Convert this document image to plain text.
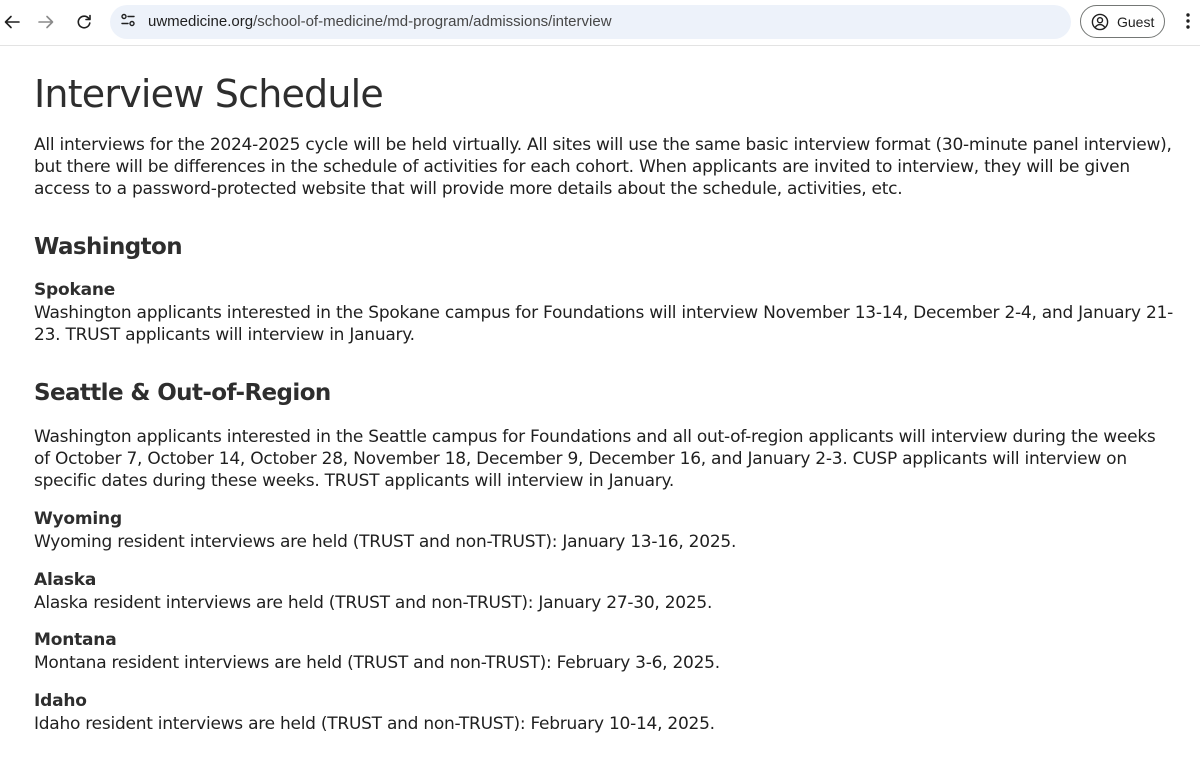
uwmedicine.org/school-of-medicine/md-program/admissions/interview	Guest
Interview Schedule

All interviews for the 2024-2025 cycle will be held virtually. All sites will use the same basic interview format (30-minute panel interview), but there will be differences in the schedule of activities for each cohort. When applicants are invited to interview, they will be given access to a password-protected website that will provide more details about the schedule, activities, etc.

Washington
Spokane

Washington applicants interested in the Spokane campus for Foundations will interview November 13-14, December 2-4, and January 21-23. TRUST applicants will interview in January.

Seattle & Out-of-Region

Washington applicants interested in the Seattle campus for Foundations and all out-of-region applicants will interview during the weeks of October 7, October 14, October 28, November 18, December 9, December 16, and January 2-3. CUSP applicants will interview on specific dates during these weeks. TRUST applicants will interview in January.

Wyoming

Wyoming resident interviews are held (TRUST and non-TRUST): January 13-16, 2025.

Alaska

Alaska resident interviews are held (TRUST and non-TRUST): January 27-30, 2025.

Montana

Montana resident interviews are held (TRUST and non-TRUST): February 3-6, 2025.

Idaho

Idaho resident interviews are held (TRUST and non-TRUST): February 10-14, 2025.
